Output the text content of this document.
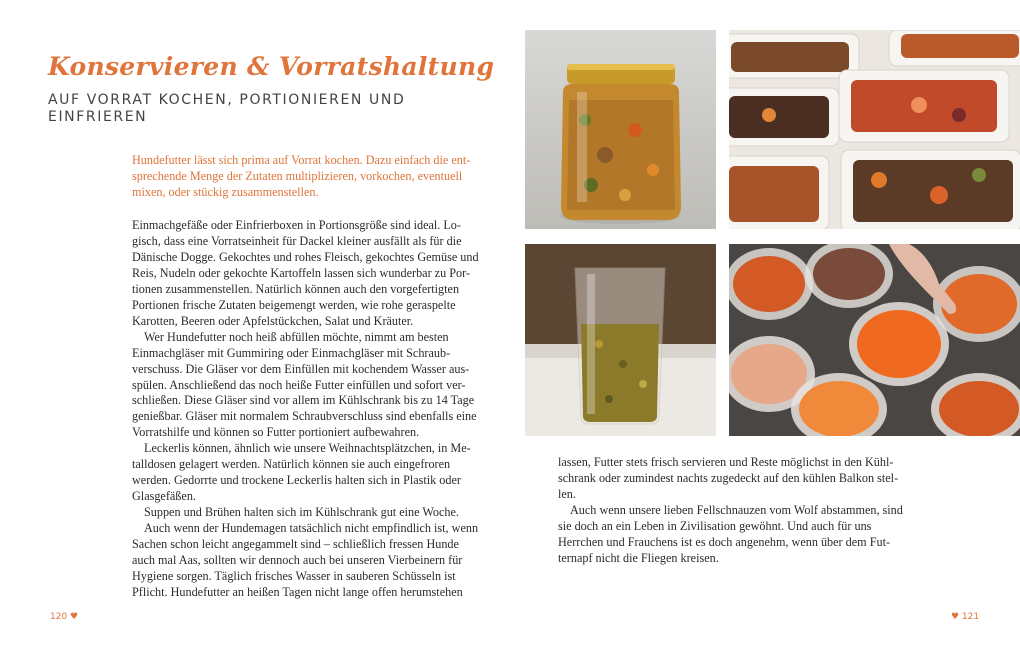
Konservieren & Vorratshaltung
AUF VORRAT KOCHEN, PORTIONIEREN UND EINFRIEREN

Hundefutter lässt sich prima auf Vorrat kochen. Dazu einfach die ent-

sprechende Menge der Zutaten multiplizieren, vorkochen, eventuell

mixen, oder stückig zusammenstellen.

Einmachgefäße oder Einfrierboxen in Portionsgröße sind ideal. Lo-

gisch, dass eine Vorratseinheit für Dackel kleiner ausfällt als für die

Dänische Dogge. Gekochtes und rohes Fleisch, gekochtes Gemüse und

Reis, Nudeln oder gekochte Kartoffeln lassen sich wunderbar zu Por-

tionen zusammenstellen. Natürlich können auch den vorgefertigten

Portionen frische Zutaten beigemengt werden, wie rohe geraspelte

Karotten, Beeren oder Apfelstückchen, Salat und Kräuter.

Wer Hundefutter noch heiß abfüllen möchte, nimmt am besten

Einmachgläser mit Gummiring oder Einmachgläser mit Schraub-

verschuss. Die Gläser vor dem Einfüllen mit kochendem Wasser aus-

spülen. Anschließend das noch heiße Futter einfüllen und sofort ver-

schließen. Diese Gläser sind vor allem im Kühlschrank bis zu 14 Tage

genießbar. Gläser mit normalem Schraubverschluss sind ebenfalls eine

Vorratshilfe und können so Futter portioniert aufbewahren.

Leckerlis können, ähnlich wie unsere Weihnachtsplätzchen, in Me-

talldosen gelagert werden. Natürlich können sie auch eingefroren

werden. Gedorrte und trockene Leckerlis halten sich in Plastik oder

Glasgefäßen.

Suppen und Brühen halten sich im Kühlschrank gut eine Woche.

Auch wenn der Hundemagen tatsächlich nicht empfindlich ist, wenn

Sachen schon leicht angegammelt sind – schließlich fressen Hunde

auch mal Aas, sollten wir dennoch auch bei unseren Vierbeinern für

Hygiene sorgen. Täglich frisches Wasser in sauberen Schüsseln ist

Pflicht. Hundefutter an heißen Tagen nicht lange offen herumstehen

lassen, Futter stets frisch servieren und Reste möglichst in den Kühl-

schrank oder zumindest nachts zugedeckt auf den kühlen Balkon stel-

len.

Auch wenn unsere lieben Fellschnauzen vom Wolf abstammen, sind

sie doch an ein Leben in Zivilisation gewöhnt. Und auch für uns

Herrchen und Frauchens ist es doch angenehm, wenn über dem Fut-

ternapf nicht die Fliegen kreisen.

120 ♥	♥ 121
